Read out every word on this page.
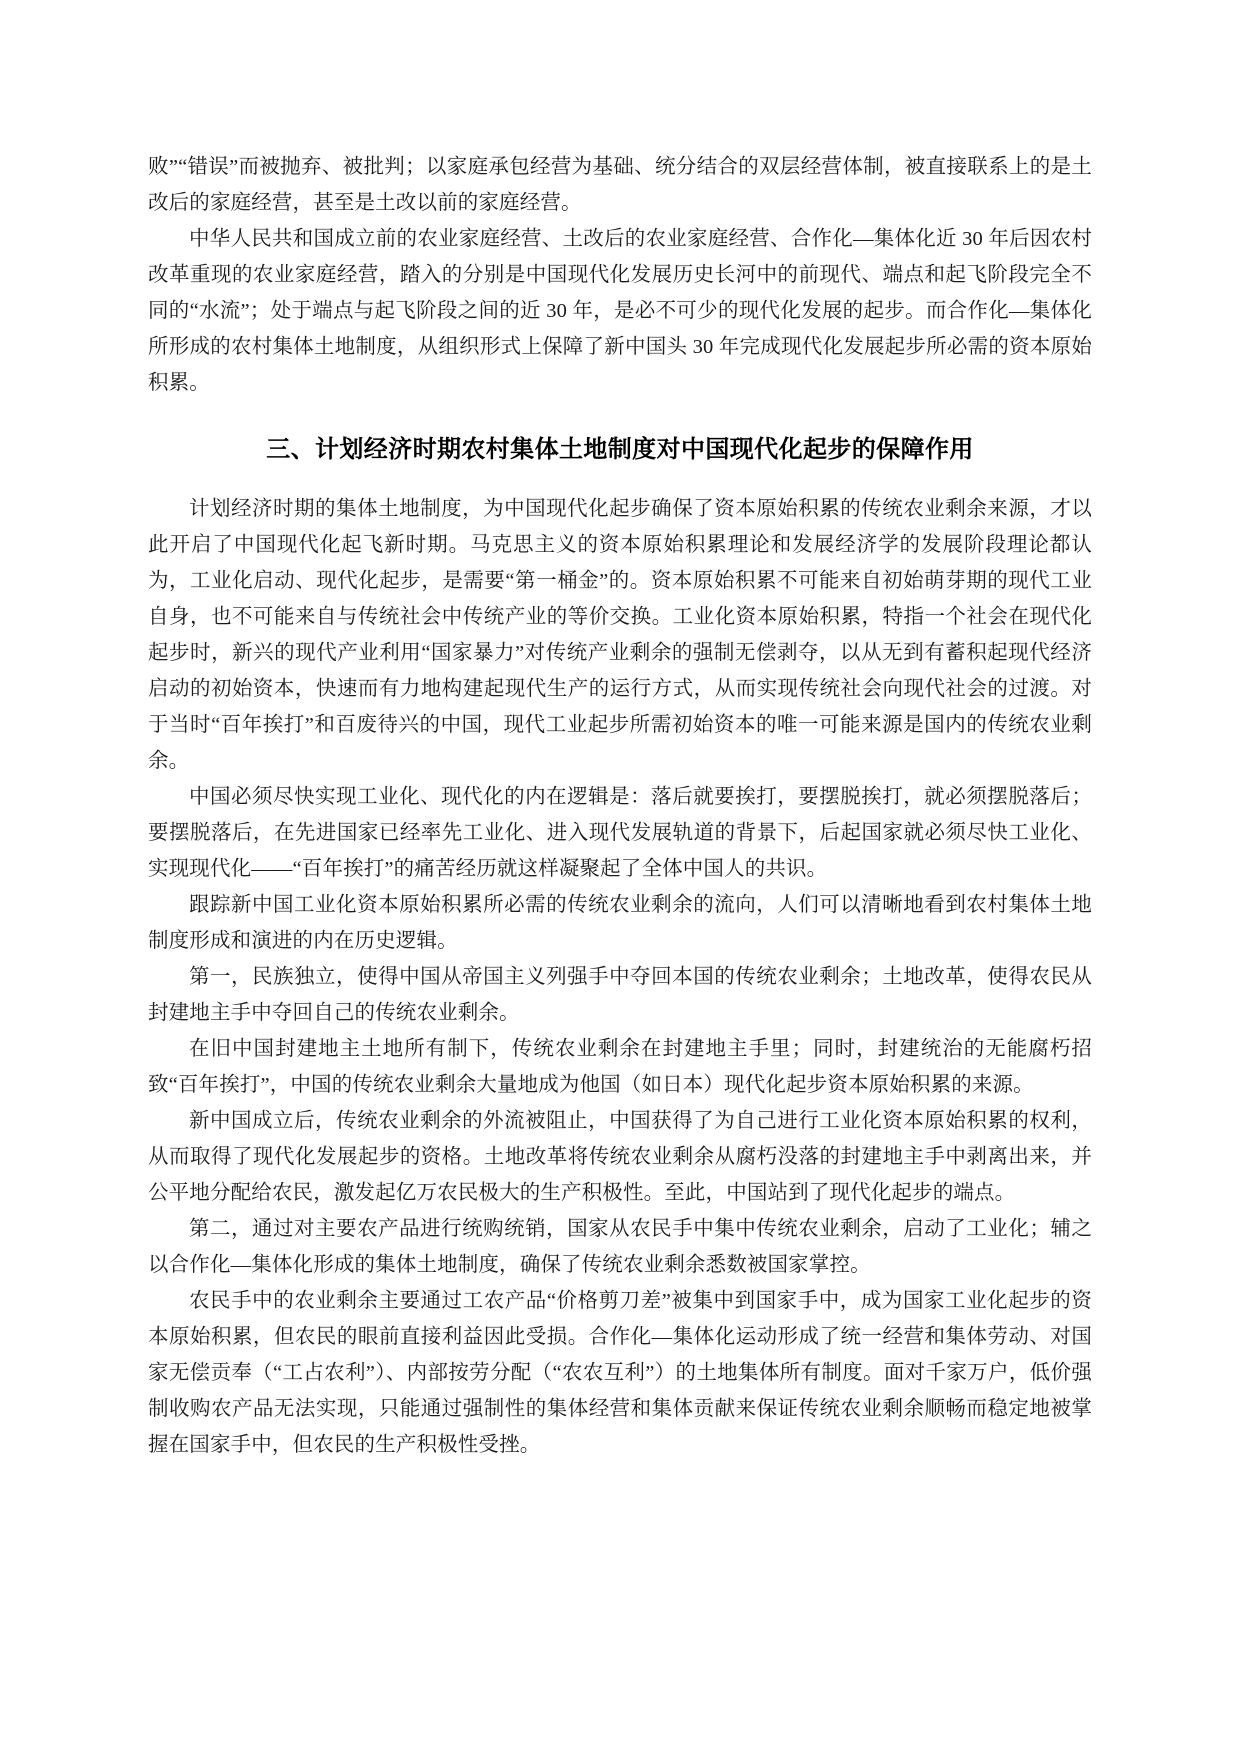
败”“错误”而被抛弃、被批判；以家庭承包经营为基础、统分结合的双层经营体制，被直接联系上的是土改后的家庭经营，甚至是土改以前的家庭经营。

中华人民共和国成立前的农业家庭经营、土改后的农业家庭经营、合作化—集体化近 30 年后因农村改革重现的农业家庭经营，踏入的分别是中国现代化发展历史长河中的前现代、端点和起飞阶段完全不同的“水流”；处于端点与起飞阶段之间的近 30 年，是必不可少的现代化发展的起步。而合作化—集体化所形成的农村集体土地制度，从组织形式上保障了新中国头 30 年完成现代化发展起步所必需的资本原始积累。

三、计划经济时期农村集体土地制度对中国现代化起步的保障作用

计划经济时期的集体土地制度，为中国现代化起步确保了资本原始积累的传统农业剩余来源，才以此开启了中国现代化起飞新时期。马克思主义的资本原始积累理论和发展经济学的发展阶段理论都认为，工业化启动、现代化起步，是需要“第一桶金”的。资本原始积累不可能来自初始萌芽期的现代工业自身，也不可能来自与传统社会中传统产业的等价交换。工业化资本原始积累，特指一个社会在现代化起步时，新兴的现代产业利用“国家暴力”对传统产业剩余的强制无偿剥夺，以从无到有蓄积起现代经济启动的初始资本，快速而有力地构建起现代生产的运行方式，从而实现传统社会向现代社会的过渡。对于当时“百年挨打”和百废待兴的中国，现代工业起步所需初始资本的唯一可能来源是国内的传统农业剩余。

中国必须尽快实现工业化、现代化的内在逻辑是：落后就要挨打，要摆脱挨打，就必须摆脱落后；要摆脱落后，在先进国家已经率先工业化、进入现代发展轨道的背景下，后起国家就必须尽快工业化、实现现代化——“百年挨打”的痛苦经历就这样凝聚起了全体中国人的共识。

跟踪新中国工业化资本原始积累所必需的传统农业剩余的流向，人们可以清晰地看到农村集体土地制度形成和演进的内在历史逻辑。

第一，民族独立，使得中国从帝国主义列强手中夺回本国的传统农业剩余；土地改革，使得农民从封建地主手中夺回自己的传统农业剩余。

在旧中国封建地主土地所有制下，传统农业剩余在封建地主手里；同时，封建统治的无能腐朽招致“百年挨打”，中国的传统农业剩余大量地成为他国（如日本）现代化起步资本原始积累的来源。

新中国成立后，传统农业剩余的外流被阻止，中国获得了为自己进行工业化资本原始积累的权利，从而取得了现代化发展起步的资格。土地改革将传统农业剩余从腐朽没落的封建地主手中剥离出来，并公平地分配给农民，激发起亿万农民极大的生产积极性。至此，中国站到了现代化起步的端点。

第二，通过对主要农产品进行统购统销，国家从农民手中集中传统农业剩余，启动了工业化；辅之以合作化—集体化形成的集体土地制度，确保了传统农业剩余悉数被国家掌控。

农民手中的农业剩余主要通过工农产品“价格剪刀差”被集中到国家手中，成为国家工业化起步的资本原始积累，但农民的眼前直接利益因此受损。合作化—集体化运动形成了统一经营和集体劳动、对国家无偿贡奉（“工占农利”）、内部按劳分配（“农农互利”）的土地集体所有制度。面对千家万户，低价强制收购农产品无法实现，只能通过强制性的集体经营和集体贡献来保证传统农业剩余顺畅而稳定地被掌握在国家手中，但农民的生产积极性受挫。
